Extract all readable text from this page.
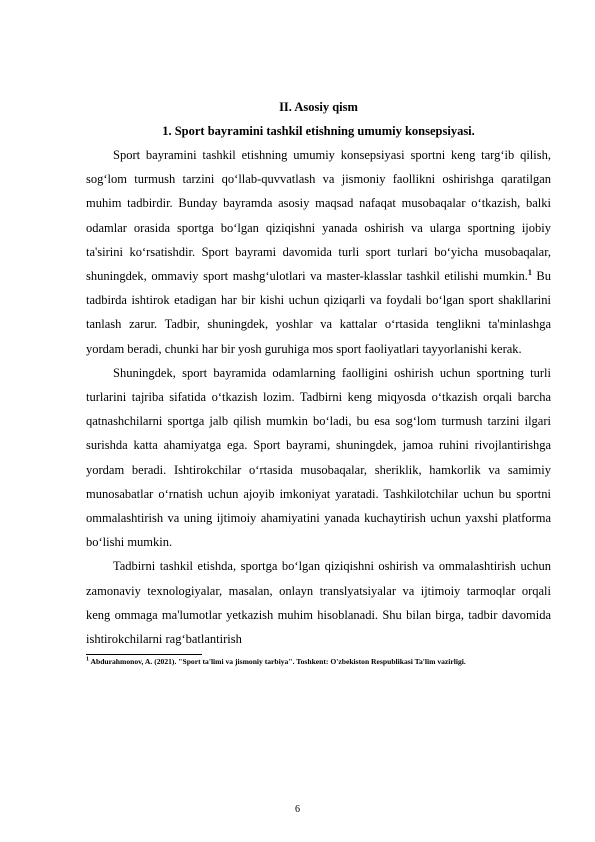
II. Asosiy qism

1. Sport bayramini tashkil etishning umumiy konsepsiyasi.

Sport bayramini tashkil etishning umumiy konsepsiyasi sportni keng targ‘ib qilish, sog‘lom turmush tarzini qo‘llab-quvvatlash va jismoniy faollikni oshirishga qaratilgan muhim tadbirdir. Bunday bayramda asosiy maqsad nafaqat musobaqalar o‘tkazish, balki odamlar orasida sportga bo‘lgan qiziqishni yanada oshirish va ularga sportning ijobiy ta'sirini ko‘rsatishdir. Sport bayrami davomida turli sport turlari bo‘yicha musobaqalar, shuningdek, ommaviy sport mashg‘ulotlari va master-klasslar tashkil etilishi mumkin.$^1$ Bu tadbirda ishtirok etadigan har bir kishi uchun qiziqarli va foydali bo‘lgan sport shakllarini tanlash zarur. Tadbir, shuningdek, yoshlar va kattalar o‘rtasida tenglikni ta'minlashga yordam beradi, chunki har bir yosh guruhiga mos sport faoliyatlari tayyorlanishi kerak.

Shuningdek, sport bayramida odamlarning faolligini oshirish uchun sportning turli turlarini tajriba sifatida o‘tkazish lozim. Tadbirni keng miqyosda o‘tkazish orqali barcha qatnashchilarni sportga jalb qilish mumkin bo‘ladi, bu esa sog‘lom turmush tarzini ilgari surishda katta ahamiyatga ega. Sport bayrami, shuningdek, jamoa ruhini rivojlantirishga yordam beradi. Ishtirokchilar o‘rtasida musobaqalar, sheriklik, hamkorlik va samimiy munosabatlar o‘rnatish uchun ajoyib imkoniyat yaratadi. Tashkilotchilar uchun bu sportni ommalashtirish va uning ijtimoiy ahamiyatini yanada kuchaytirish uchun yaxshi platforma bo‘lishi mumkin.

Tadbirni tashkil etishda, sportga bo‘lgan qiziqishni oshirish va ommalashtirish uchun zamonaviy texnologiyalar, masalan, onlayn translyatsiyalar va ijtimoiy tarmoqlar orqali keng ommaga ma'lumotlar yetkazish muhim hisoblanadi. Shu bilan birga, tadbir davomida ishtirokchilarni rag‘batlantirish

$^1$ Abdurahmonov, A. (2021). "Sport ta'limi va jismoniy tarbiya". Toshkent: O'zbekiston Respublikasi Ta'lim vazirligi.

6
